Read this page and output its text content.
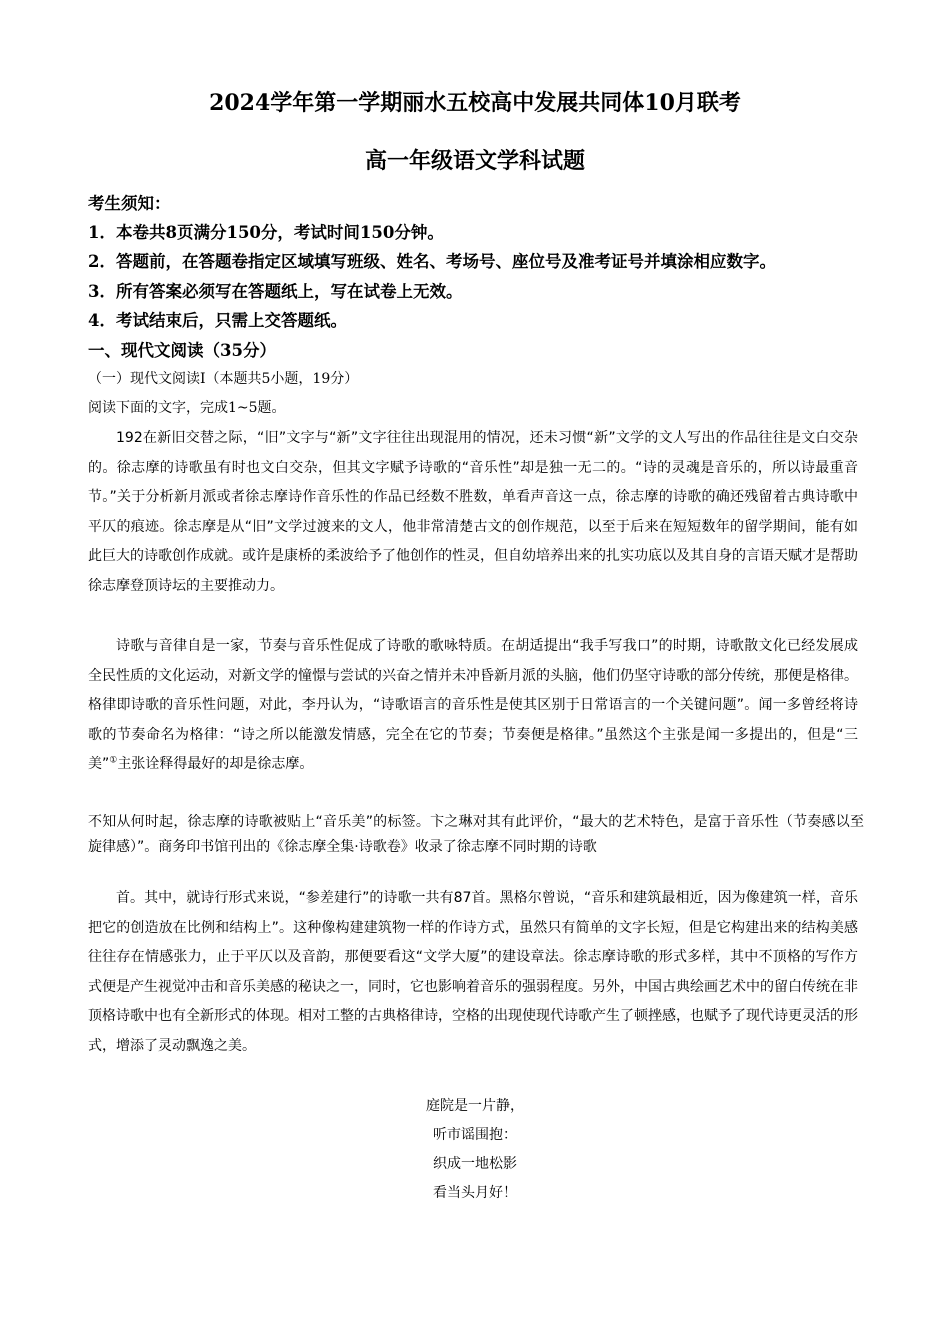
2024学年第一学期丽水五校高中发展共同体10月联考
高一年级语文学科试题
考生须知：
1．本卷共8页满分150分，考试时间150分钟。
2．答题前，在答题卷指定区域填写班级、姓名、考场号、座位号及准考证号并填涂相应数字。
3．所有答案必须写在答题纸上，写在试卷上无效。
4．考试结束后，只需上交答题纸。
一、现代文阅读（35分）
（一）现代文阅读Ⅰ（本题共5小题，19分）
阅读下面的文字，完成1~5题。
192在新旧交替之际，“旧”文字与“新”文字往往出现混用的情况，还未习惯“新”文学的文人写出的作品往往是文白交杂的。徐志摩的诗歌虽有时也文白交杂，但其文字赋予诗歌的“音乐性”却是独一无二的。“诗的灵魂是音乐的，所以诗最重音节。”关于分析新月派或者徐志摩诗作音乐性的作品已经数不胜数，单看声音这一点，徐志摩的诗歌的确还残留着古典诗歌中平仄的痕迹。徐志摩是从“旧”文学过渡来的文人，他非常清楚古文的创作规范，以至于后来在短短数年的留学期间，能有如此巨大的诗歌创作成就。或许是康桥的柔波给予了他创作的性灵，但自幼培养出来的扎实功底以及其自身的言语天赋才是帮助徐志摩登顶诗坛的主要推动力。
诗歌与音律自是一家，节奏与音乐性促成了诗歌的歌咏特质。在胡适提出“我手写我口”的时期，诗歌散文化已经发展成全民性质的文化运动，对新文学的憧憬与尝试的兴奋之情并未冲昏新月派的头脑，他们仍坚守诗歌的部分传统，那便是格律。格律即诗歌的音乐性问题，对此，李丹认为，“诗歌语言的音乐性是使其区别于日常语言的一个关键问题”。闻一多曾经将诗歌的节奏命名为格律：“诗之所以能激发情感，完全在它的节奏；节奏便是格律。”虽然这个主张是闻一多提出的，但是“三美”①主张诠释得最好的却是徐志摩。
不知从何时起，徐志摩的诗歌被贴上“音乐美”的标签。卞之琳对其有此评价，“最大的艺术特色，是富于音乐性（节奏感以至旋律感）”。商务印书馆刊出的《徐志摩全集·诗歌卷》收录了徐志摩不同时期的诗歌
首。其中，就诗行形式来说，“参差建行”的诗歌一共有87首。黑格尔曾说，“音乐和建筑最相近，因为像建筑一样，音乐把它的创造放在比例和结构上”。这种像构建建筑物一样的作诗方式，虽然只有简单的文字长短，但是它构建出来的结构美感往往存在情感张力，止于平仄以及音韵，那便要看这“文学大厦”的建设章法。徐志摩诗歌的形式多样，其中不顶格的写作方式便是产生视觉冲击和音乐美感的秘诀之一，同时，它也影响着音乐的强弱程度。另外，中国古典绘画艺术中的留白传统在非顶格诗歌中也有全新形式的体现。相对工整的古典格律诗，空格的出现使现代诗歌产生了顿挫感，也赋予了现代诗更灵活的形式，增添了灵动飘逸之美。
庭院是一片静，
听市谣围抱：
织成一地松影
看当头月好！
